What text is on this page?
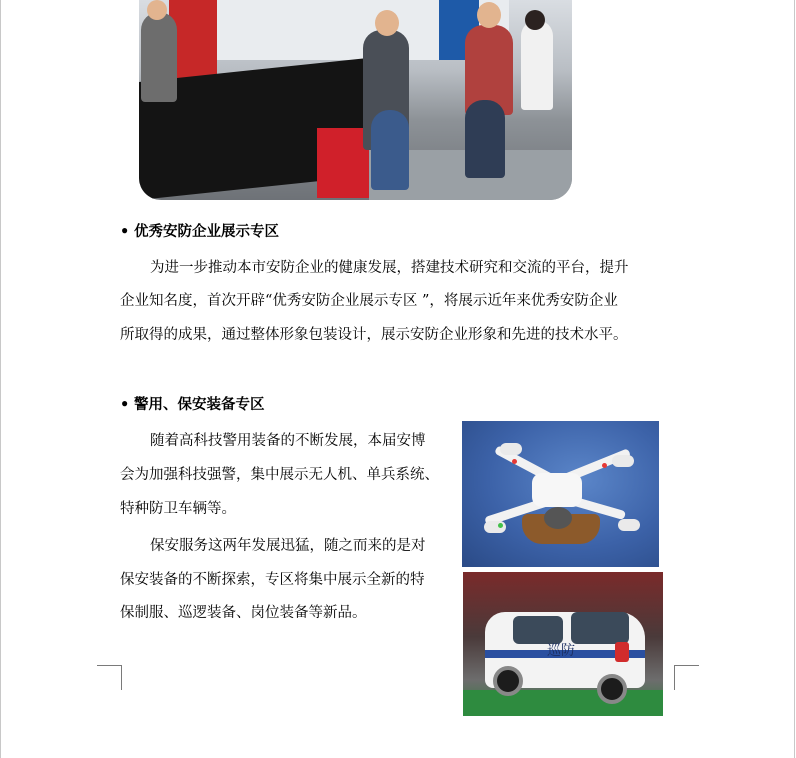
• 优秀安防企业展示专区
为进一步推动本市安防企业的健康发展，搭建技术研究和交流的平台，提升
企业知名度，首次开辟“优秀安防企业展示专区 ”，将展示近年来优秀安防企业
所取得的成果，通过整体形象包装设计，展示安防企业形象和先进的技术水平。
• 警用、保安装备专区
随着高科技警用装备的不断发展，本届安博
会为加强科技强警，集中展示无人机、单兵系统、
特种防卫车辆等。
保安服务这两年发展迅猛，随之而来的是对
保安装备的不断探索，专区将集中展示全新的特
保制服、巡逻装备、岗位装备等新品。
巡防
